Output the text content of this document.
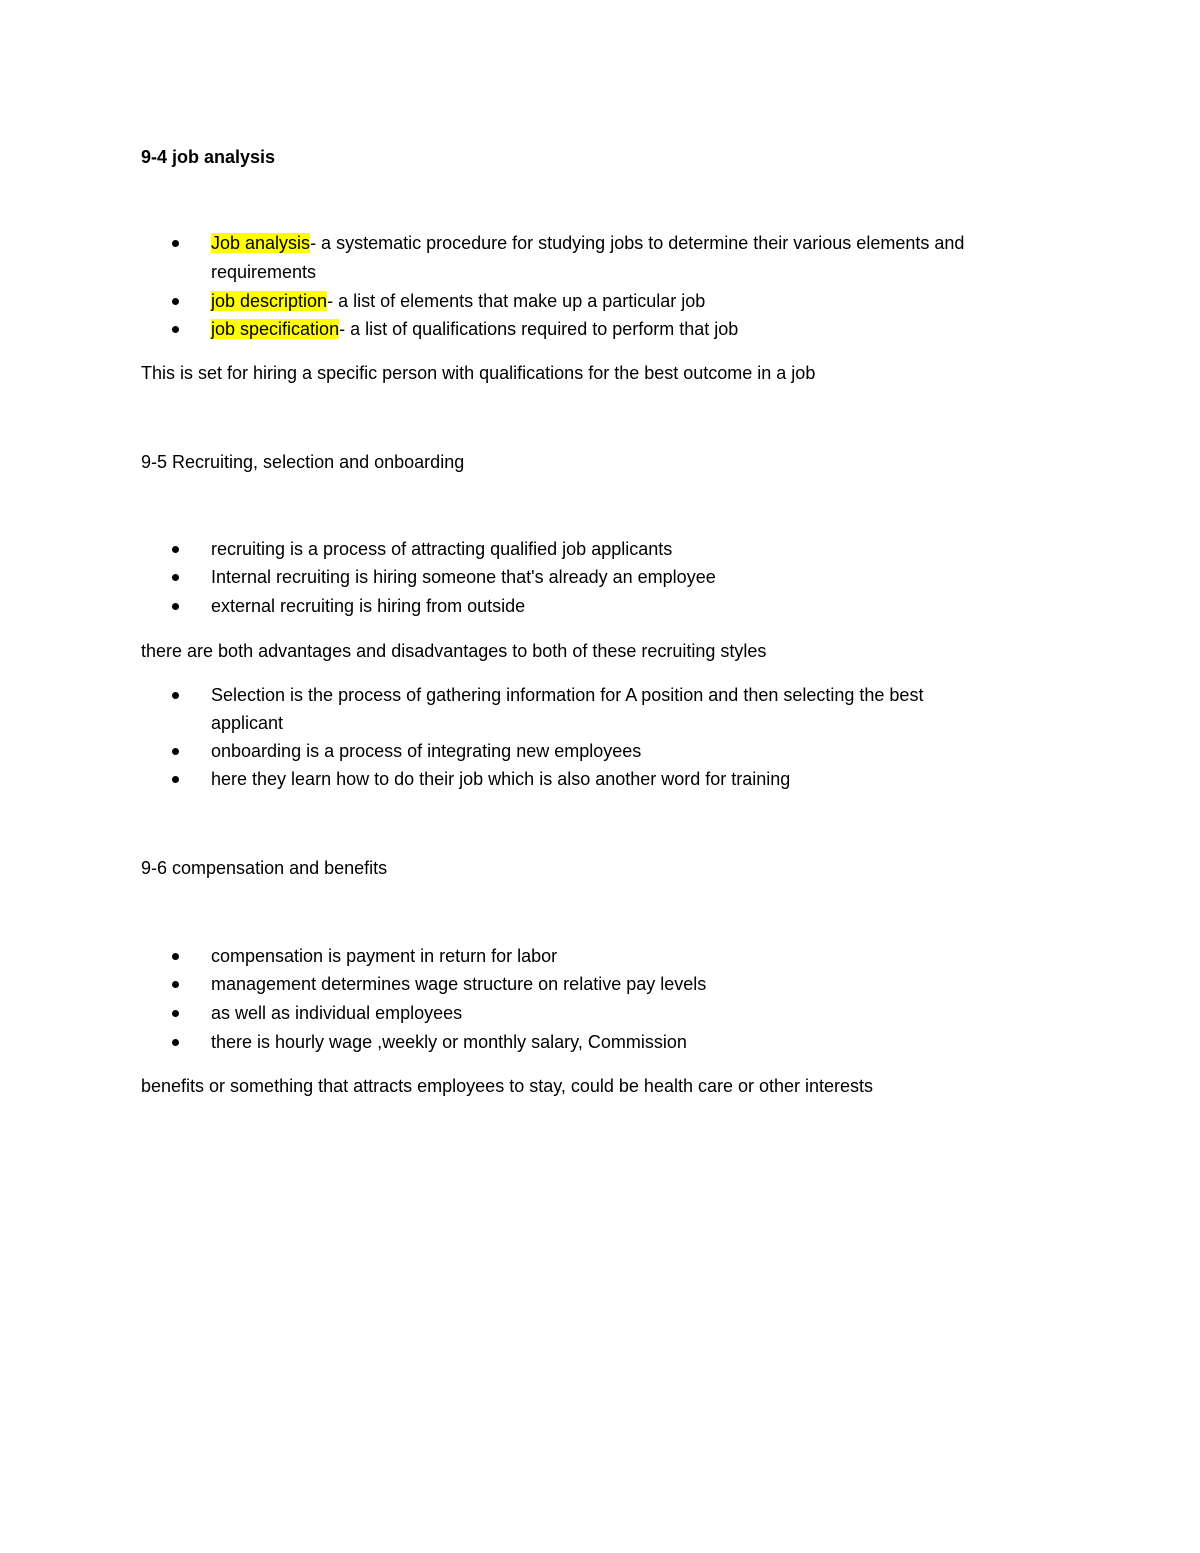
9-4 job analysis
Job analysis- a systematic procedure for studying jobs to determine their various elements and
requirements
job description- a list of elements that make up a particular job
job specification- a list of qualifications required to perform that job
This is set for hiring a specific person with qualifications for the best outcome in a job
9-5 Recruiting, selection and onboarding
recruiting is a process of attracting qualified job applicants
Internal recruiting is hiring someone that's already an employee
external recruiting is hiring from outside
there are both advantages and disadvantages to both of these recruiting styles
Selection is the process of gathering information for A position and then selecting the best
applicant
onboarding is a process of integrating new employees
here they learn how to do their job which is also another word for training
9-6 compensation and benefits
compensation is payment in return for labor
management determines wage structure on relative pay levels
as well as individual employees
there is hourly wage ,weekly or monthly salary, Commission
benefits or something that attracts employees to stay, could be health care or other interests
